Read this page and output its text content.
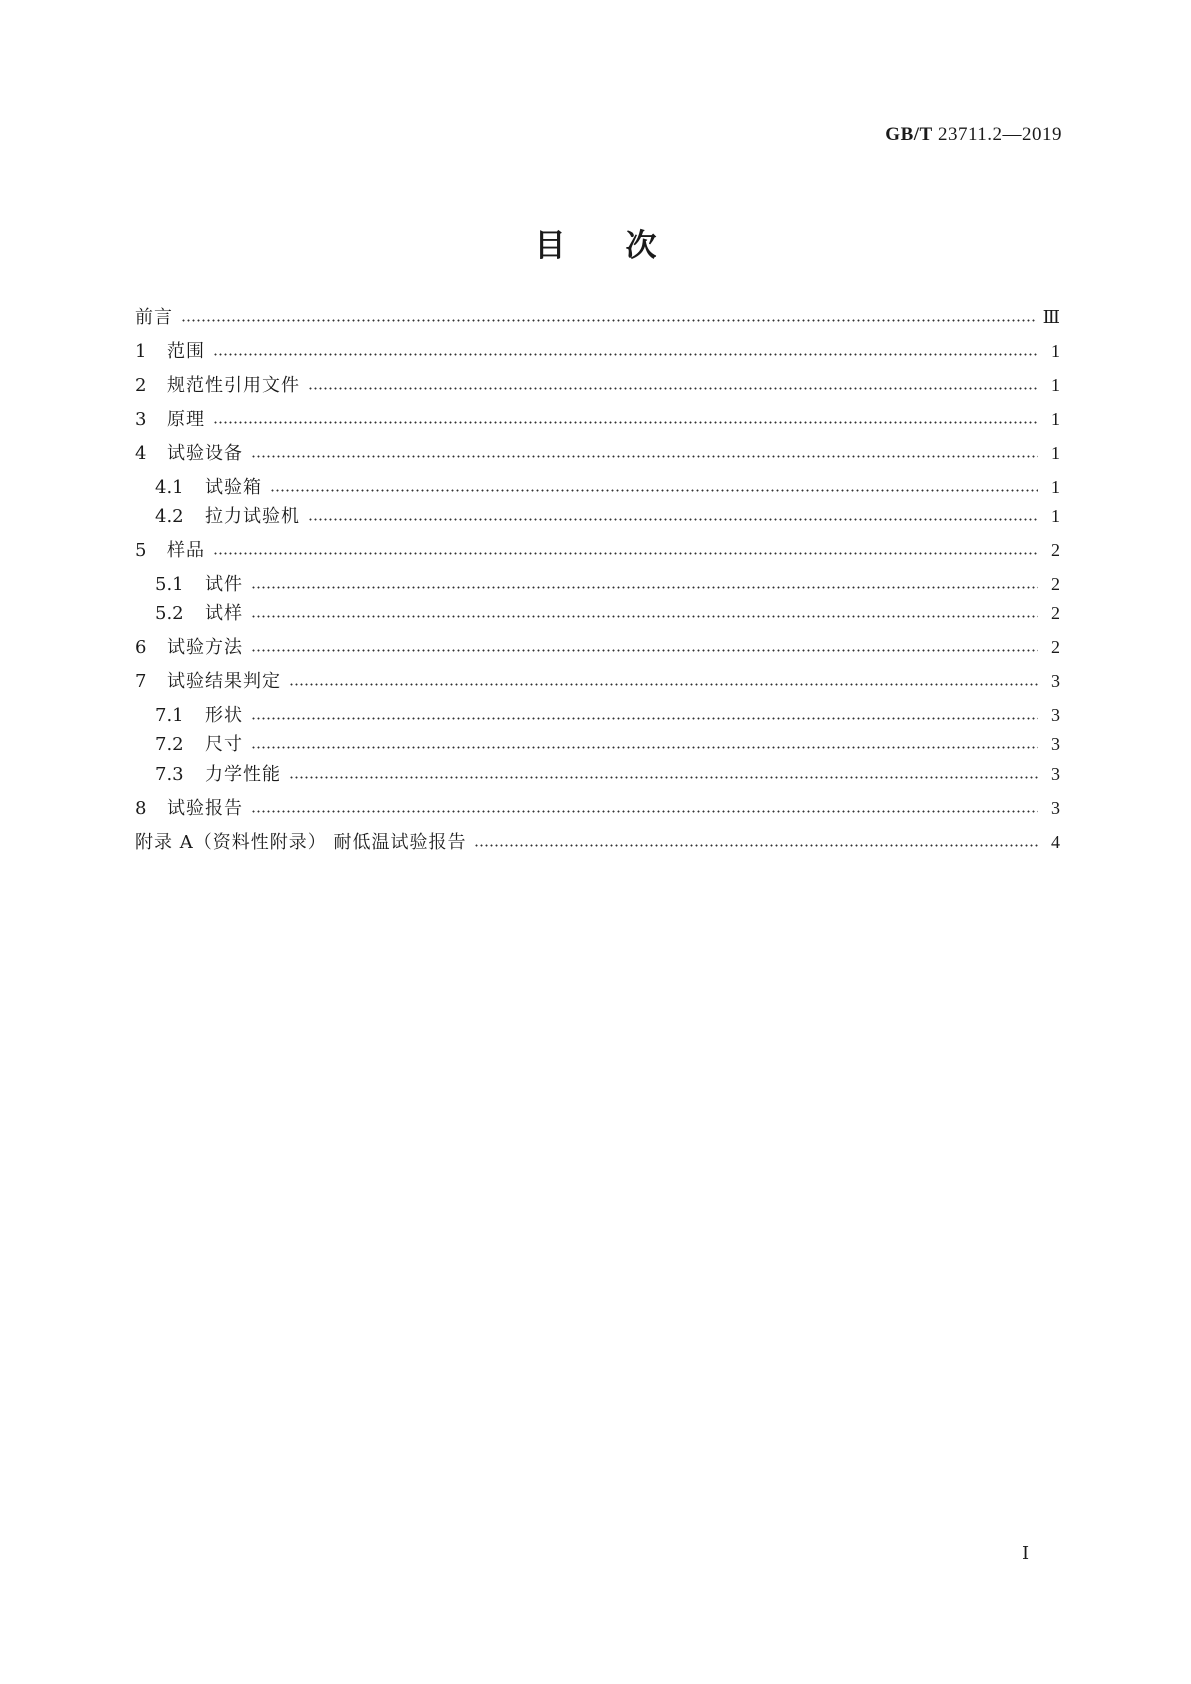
GB/T 23711.2—2019
目次
前言	Ⅲ
1	范围	1
2	规范性引用文件	1
3	原理	1
4	试验设备	1
4.1	试验箱	1
4.2	拉力试验机	1
5	样品	2
5.1	试件	2
5.2	试样	2
6	试验方法	2
7	试验结果判定	3
7.1	形状	3
7.2	尺寸	3
7.3	力学性能	3
8	试验报告	3
附录 A（资料性附录） 耐低温试验报告	4
Ⅰ
